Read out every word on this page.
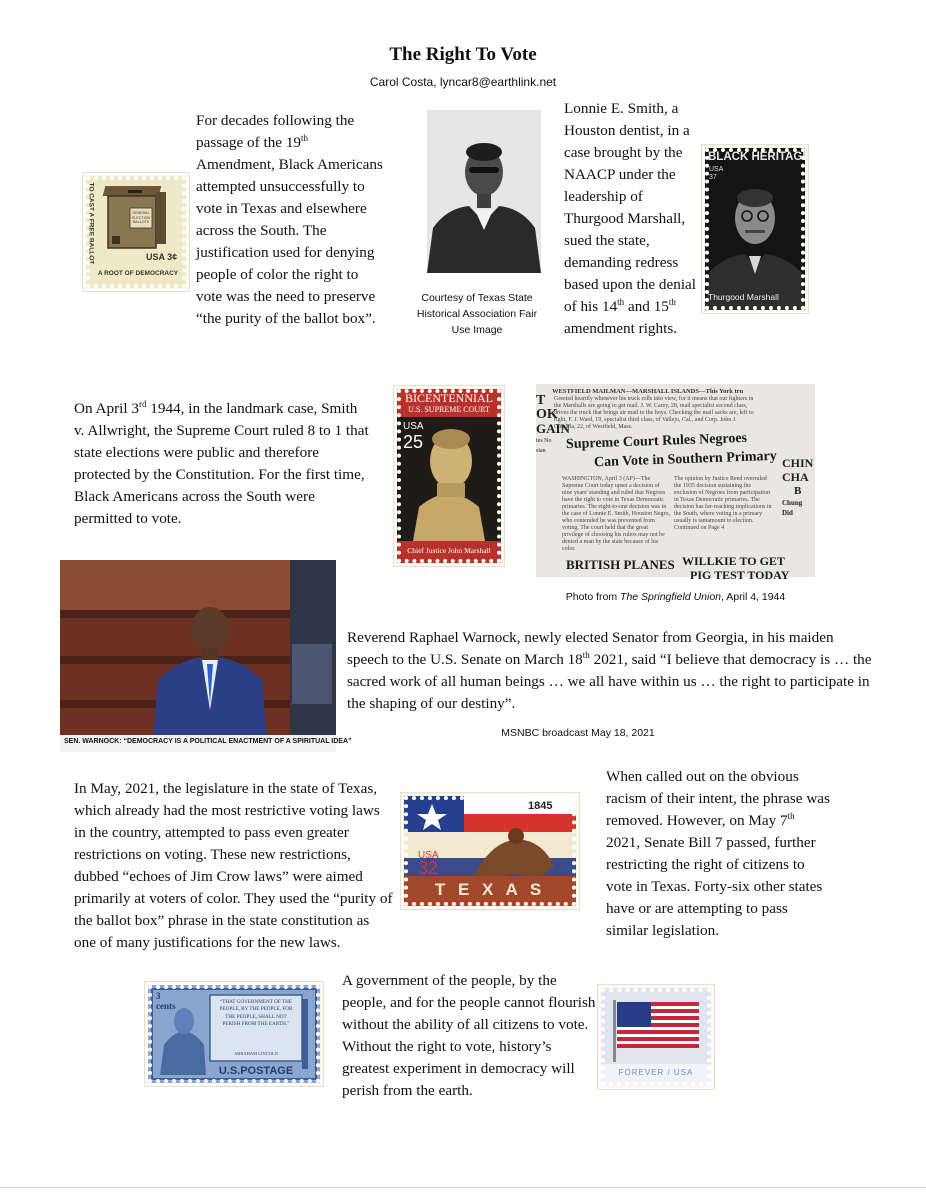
The Right To Vote
Carol Costa, lyncar8@earthlink.net
TO CAST A FREE BALLOT	GENERAL ELECTION BALLOTS
USA 3¢
A ROOT OF DEMOCRACY
For decades following the passage of the 19th Amendment, Black Americans attempted unsuccessfully to vote in Texas and elsewhere across the South. The justification used for denying people of color the right to vote was the need to preserve “the purity of the ballot box”.
Courtesy of Texas State Historical Association Fair Use Image
Lonnie E. Smith, a Houston dentist, in a case brought by the NAACP under the leadership of Thurgood Marshall, sued the state, demanding redress based upon the denial of his 14th and 15th amendment rights.
BLACK HERITAGE
USA 37
Thurgood Marshall
On April 3rd 1944, in the landmark case, Smith v. Allwright, the Supreme Court ruled 8 to 1 that state elections were public and therefore protected by the Constitution. For the first time, Black Americans across the South were permitted to vote.
BICENTENNIAL
U.S. SUPREME COURT
USA
25
Chief Justice John Marshall
WESTFIELD MAILMAN—MARSHALL ISLANDS—This York tru
Greeted heartily whenever his truck rolls into view, for it means that our fighters in the Marshalls are going to get mail. J. W. Carey, 28, mail specialist second class, drives the truck that brings air mail to the boys. Checking the mail sacks are, left to right, F. J. Ward, 19, specialist third class, of Vallejo, Cal., and Corp. John J. Cieplela, 22, of Westfield, Mass.
T
OK
GAIN
tes No
sian	Supreme Court Rules Negroes
Can Vote in Southern Primary
WASHINGTON, April 3 (AP)—The Supreme Court today upset a decision of nine years' standing and ruled that Negroes have the right to vote in Texas Democratic primaries. The eight-to-one decision was in the case of Lonnie E. Smith, Houston Negro, who contended he was prevented from voting. The court held that the great privilege of choosing his rulers may not be denied a man by the state because of his color.
The opinion by Justice Reed overruled the 1935 decision sustaining the exclusion of Negroes from participation in Texas Democratic primaries. The decision has far-reaching implications in the South, where voting in a primary usually is tantamount to election. Continued on Page 4
CHIN
CHA
B
Chung
Did
BRITISH PLANES WILLKIE TO GET
PIG TEST TODAY
Photo from The Springfield Union, April 4, 1944
SEN. WARNOCK: “DEMOCRACY IS A POLITICAL ENACTMENT OF A SPIRITUAL IDEA”
Reverend Raphael Warnock, newly elected Senator from Georgia, in his maiden speech to the U.S. Senate on March 18th 2021, said “I believe that democracy is … the sacred work of all human beings … we all have within us … the right to participate in the shaping of our destiny”.
MSNBC broadcast May 18, 2021
In May, 2021, the legislature in the state of Texas, which already had the most restrictive voting laws in the country, attempted to pass even greater restrictions on voting. These new restrictions, dubbed “echoes of Jim Crow laws” were aimed primarily at voters of color. They used the “purity of the ballot box” phrase in the state constitution as one of many justifications for the new laws.
1845
USA
32
T E X A S
When called out on the obvious racism of their intent, the phrase was removed. However, on May 7th 2021, Senate Bill 7 passed, further restricting the right of citizens to vote in Texas. Forty-six other states have or are attempting to pass similar legislation.
3 cents	“THAT GOVERNMENT OF THE PEOPLE, BY THE PEOPLE, FOR THE PEOPLE, SHALL NOT PERISH FROM THE EARTH.”
ABRAHAM LINCOLN
U.S.POSTAGE
A government of the people, by the people, and for the people cannot flourish without the ability of all citizens to vote. Without the right to vote, history’s greatest experiment in democracy will perish from the earth.
FOREVER / USA
